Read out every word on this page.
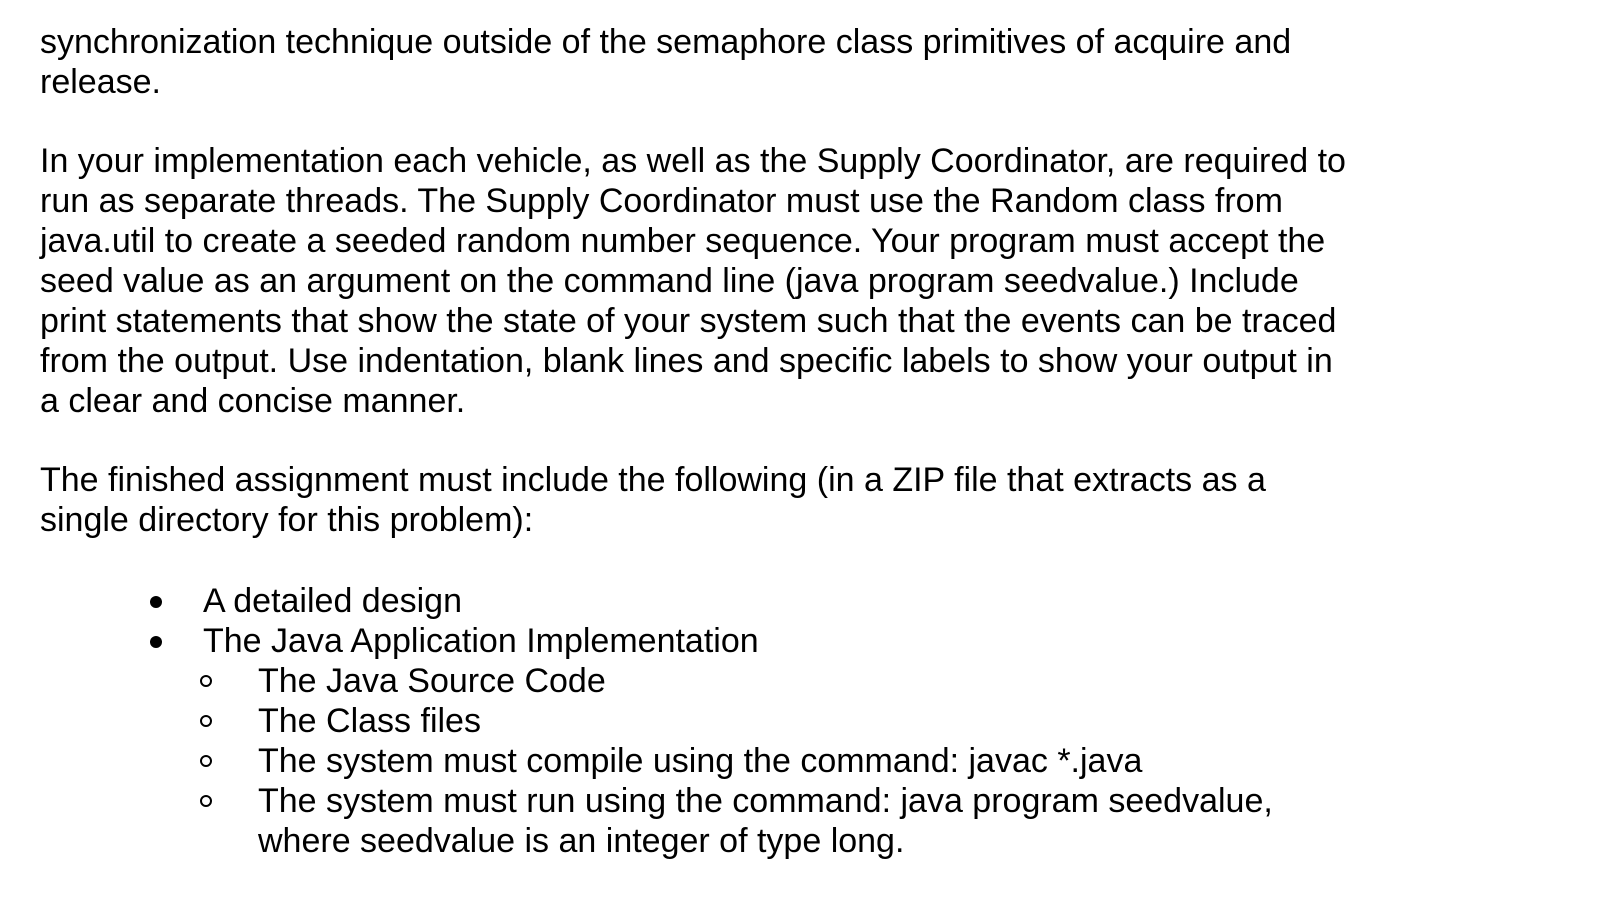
synchronization technique outside of the semaphore class primitives of acquire and
release.

In your implementation each vehicle, as well as the Supply Coordinator, are required to
run as separate threads. The Supply Coordinator must use the Random class from
java.util to create a seeded random number sequence. Your program must accept the
seed value as an argument on the command line (java program seedvalue.) Include
print statements that show the state of your system such that the events can be traced
from the output. Use indentation, blank lines and specific labels to show your output in
a clear and concise manner.

The finished assignment must include the following (in a ZIP file that extracts as a
single directory for this problem):

A detailed design
The Java Application Implementation
The Java Source Code
The Class files
The system must compile using the command: javac *.java
The system must run using the command: java program seedvalue,
where seedvalue is an integer of type long.
